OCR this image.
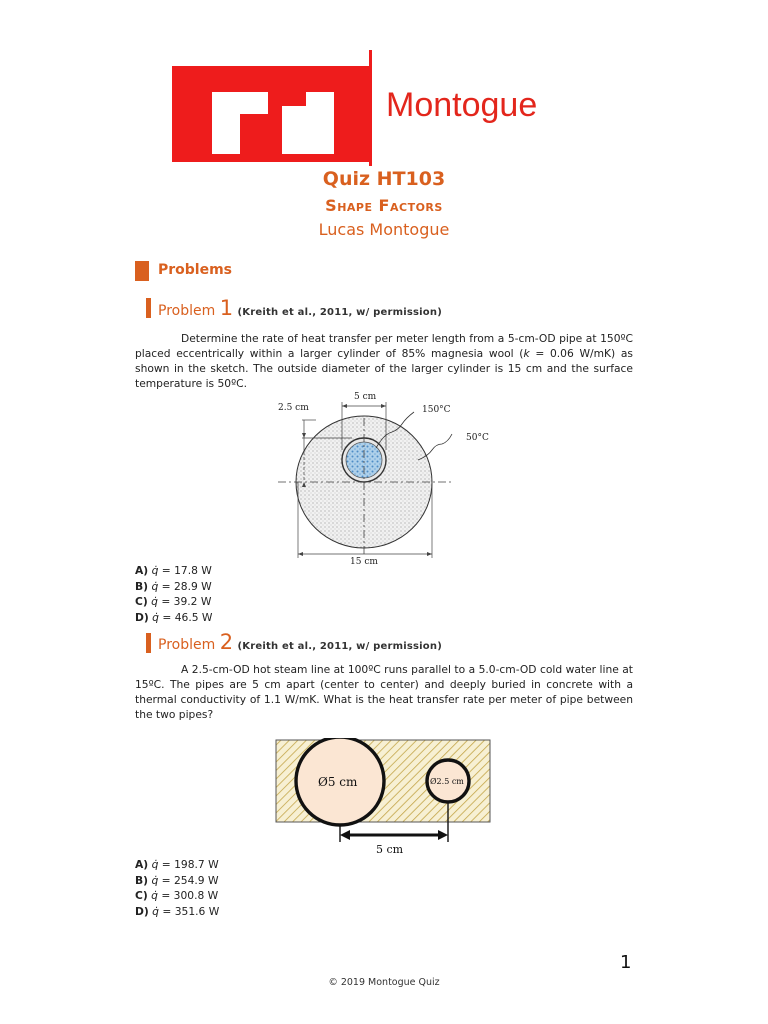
Montogue
Quiz HT103
Shape Factors
Lucas Montogue
Problems
Problem 1 (Kreith et al., 2011, w/ permission)
Determine the rate of heat transfer per meter length from a 5-cm-OD pipe at 150ºC placed eccentrically within a larger cylinder of 85% magnesia wool (k = 0.06 W/mK) as shown in the sketch. The outside diameter of the larger cylinder is 15 cm and the surface temperature is 50ºC.
2.5 cm
5 cm
150°C
50°C
15 cm
A) q̇ = 17.8 W
B) q̇ = 28.9 W
C) q̇ = 39.2 W
D) q̇ = 46.5 W
Problem 2 (Kreith et al., 2011, w/ permission)
A 2.5-cm-OD hot steam line at 100ºC runs parallel to a 5.0-cm-OD cold water line at 15ºC. The pipes are 5 cm apart (center to center) and deeply buried in concrete with a thermal conductivity of 1.1 W/mK. What is the heat transfer rate per meter of pipe between the two pipes?
Ø5 cm	Ø2.5 cm
5 cm
A) q̇ = 198.7 W
B) q̇ = 254.9 W
C) q̇ = 300.8 W
D) q̇ = 351.6 W
1
© 2019 Montogue Quiz
